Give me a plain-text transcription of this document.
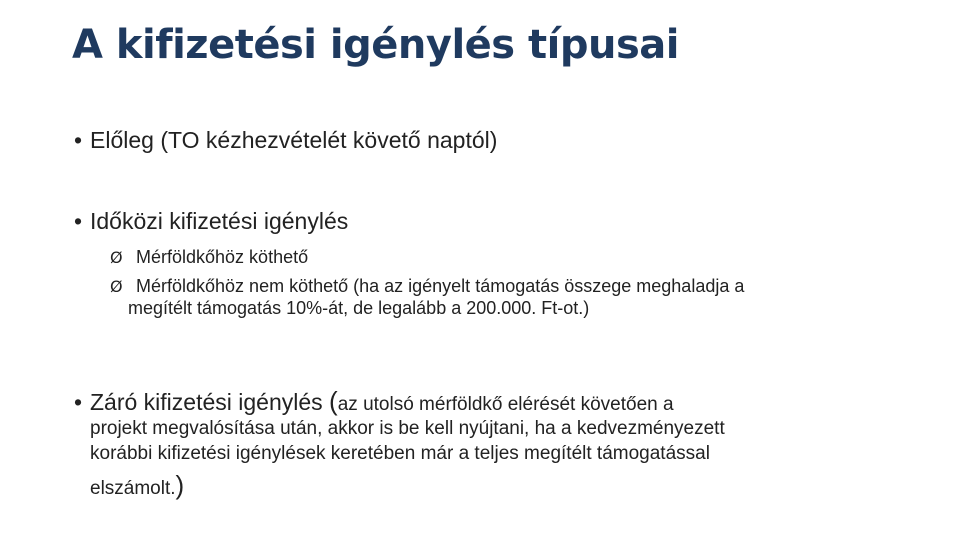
A kifizetési igénylés típusai
• Előleg (TO kézhezvételét követő naptól)
• Időközi kifizetési igénylés
Ø Mérföldkőhöz köthető
Ø Mérföldkőhöz nem köthető (ha az igényelt támogatás összege meghaladja a
megítélt támogatás 10%-át, de legalább a 200.000. Ft-ot.)
• Záró kifizetési igénylés (az utolsó mérföldkő elérését követően a
projekt megvalósítása után, akkor is be kell nyújtani, ha a kedvezményezett
korábbi kifizetési igénylések keretében már a teljes megítélt támogatással
elszámolt.)
